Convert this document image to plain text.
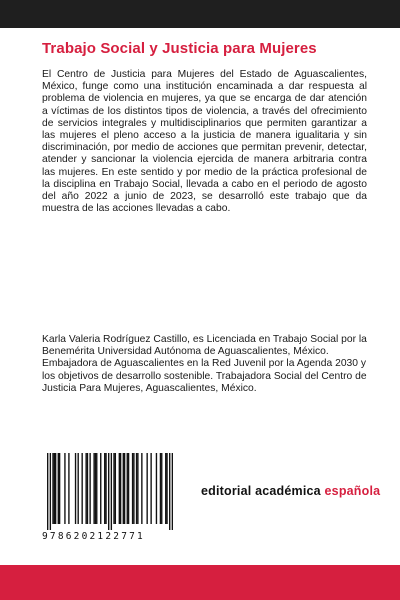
Trabajo Social y Justicia para Mujeres

El Centro de Justicia para Mujeres del Estado de Aguascalientes, México, funge como una institución encaminada a dar respuesta al problema de violencia en mujeres, ya que se encarga de dar atención a víctimas de los distintos tipos de violencia, a través del ofrecimiento de servicios integrales y multidisciplinarios que permiten garantizar a las mujeres el pleno acceso a la justicia de manera igualitaria y sin discriminación, por medio de acciones que permitan prevenir, detectar, atender y sancionar la violencia ejercida de manera arbitraria contra las mujeres. En este sentido y por medio de la práctica profesional de la disciplina en Trabajo Social, llevada a cabo en el periodo de agosto del año 2022 a junio de 2023, se desarrolló este trabajo que da muestra de las acciones llevadas a cabo.

Karla Valeria Rodríguez Castillo, es Licenciada en Trabajo Social por la Benemérita Universidad Autónoma de Aguascalientes, México. Embajadora de Aguascalientes en la Red Juvenil por la Agenda 2030 y los objetivos de desarrollo sostenible. Trabajadora Social del Centro de Justicia Para Mujeres, Aguascalientes, México.

9786202122771
editorial académica española
